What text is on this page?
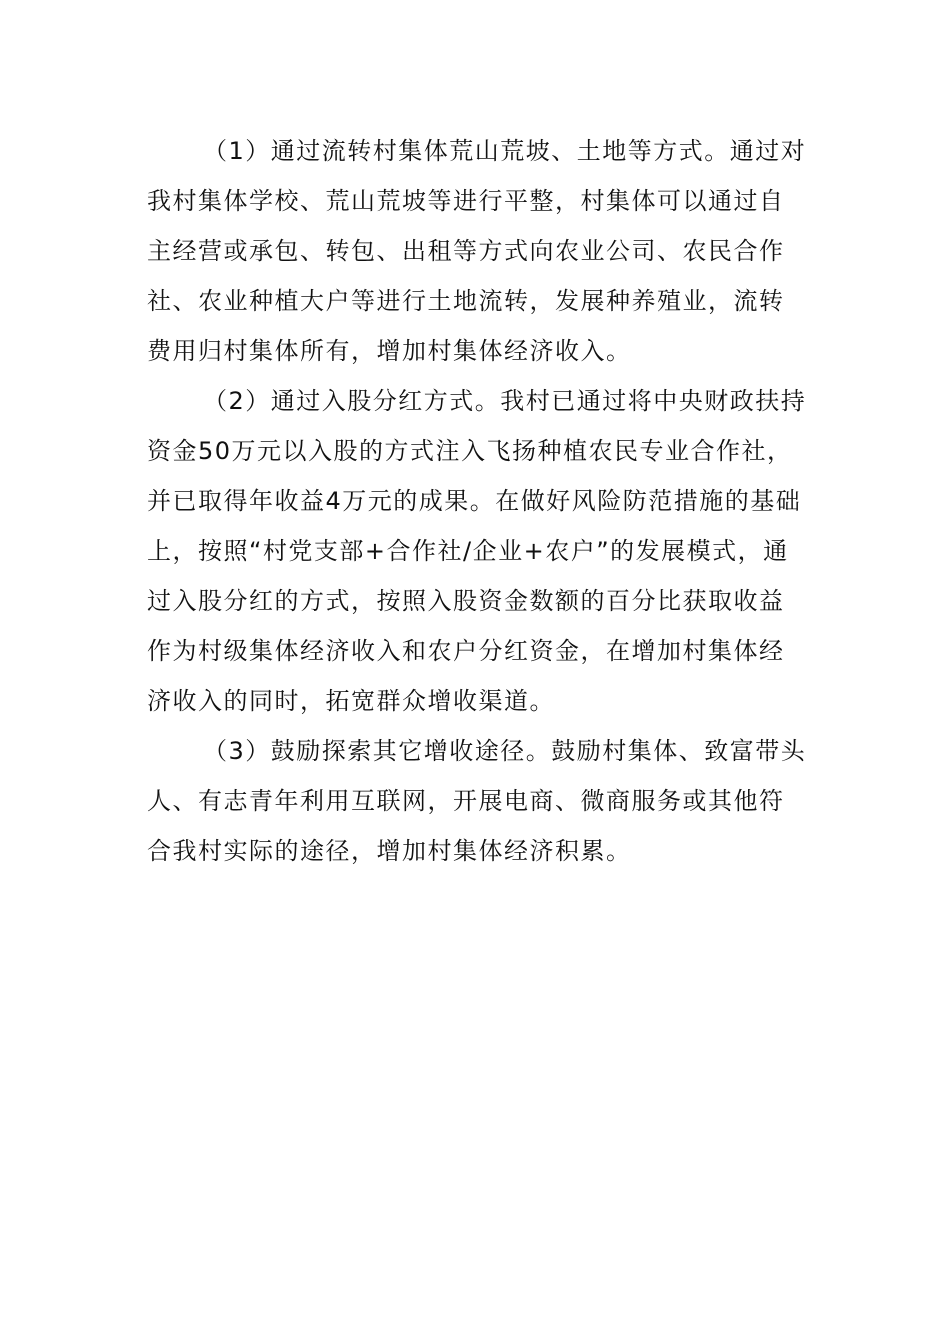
（1）通过流转村集体荒山荒坡、土地等方式。通过对
我村集体学校、荒山荒坡等进行平整，村集体可以通过自
主经营或承包、转包、出租等方式向农业公司、农民合作
社、农业种植大户等进行土地流转，发展种养殖业，流转
费用归村集体所有，增加村集体经济收入。
（2）通过入股分红方式。我村已通过将中央财政扶持
资金50万元以入股的方式注入飞扬种植农民专业合作社，
并已取得年收益4万元的成果。在做好风险防范措施的基础
上，按照“村党支部+合作社/企业+农户”的发展模式，通
过入股分红的方式，按照入股资金数额的百分比获取收益
作为村级集体经济收入和农户分红资金，在增加村集体经
济收入的同时，拓宽群众增收渠道。
（3）鼓励探索其它增收途径。鼓励村集体、致富带头
人、有志青年利用互联网，开展电商、微商服务或其他符
合我村实际的途径，增加村集体经济积累。
